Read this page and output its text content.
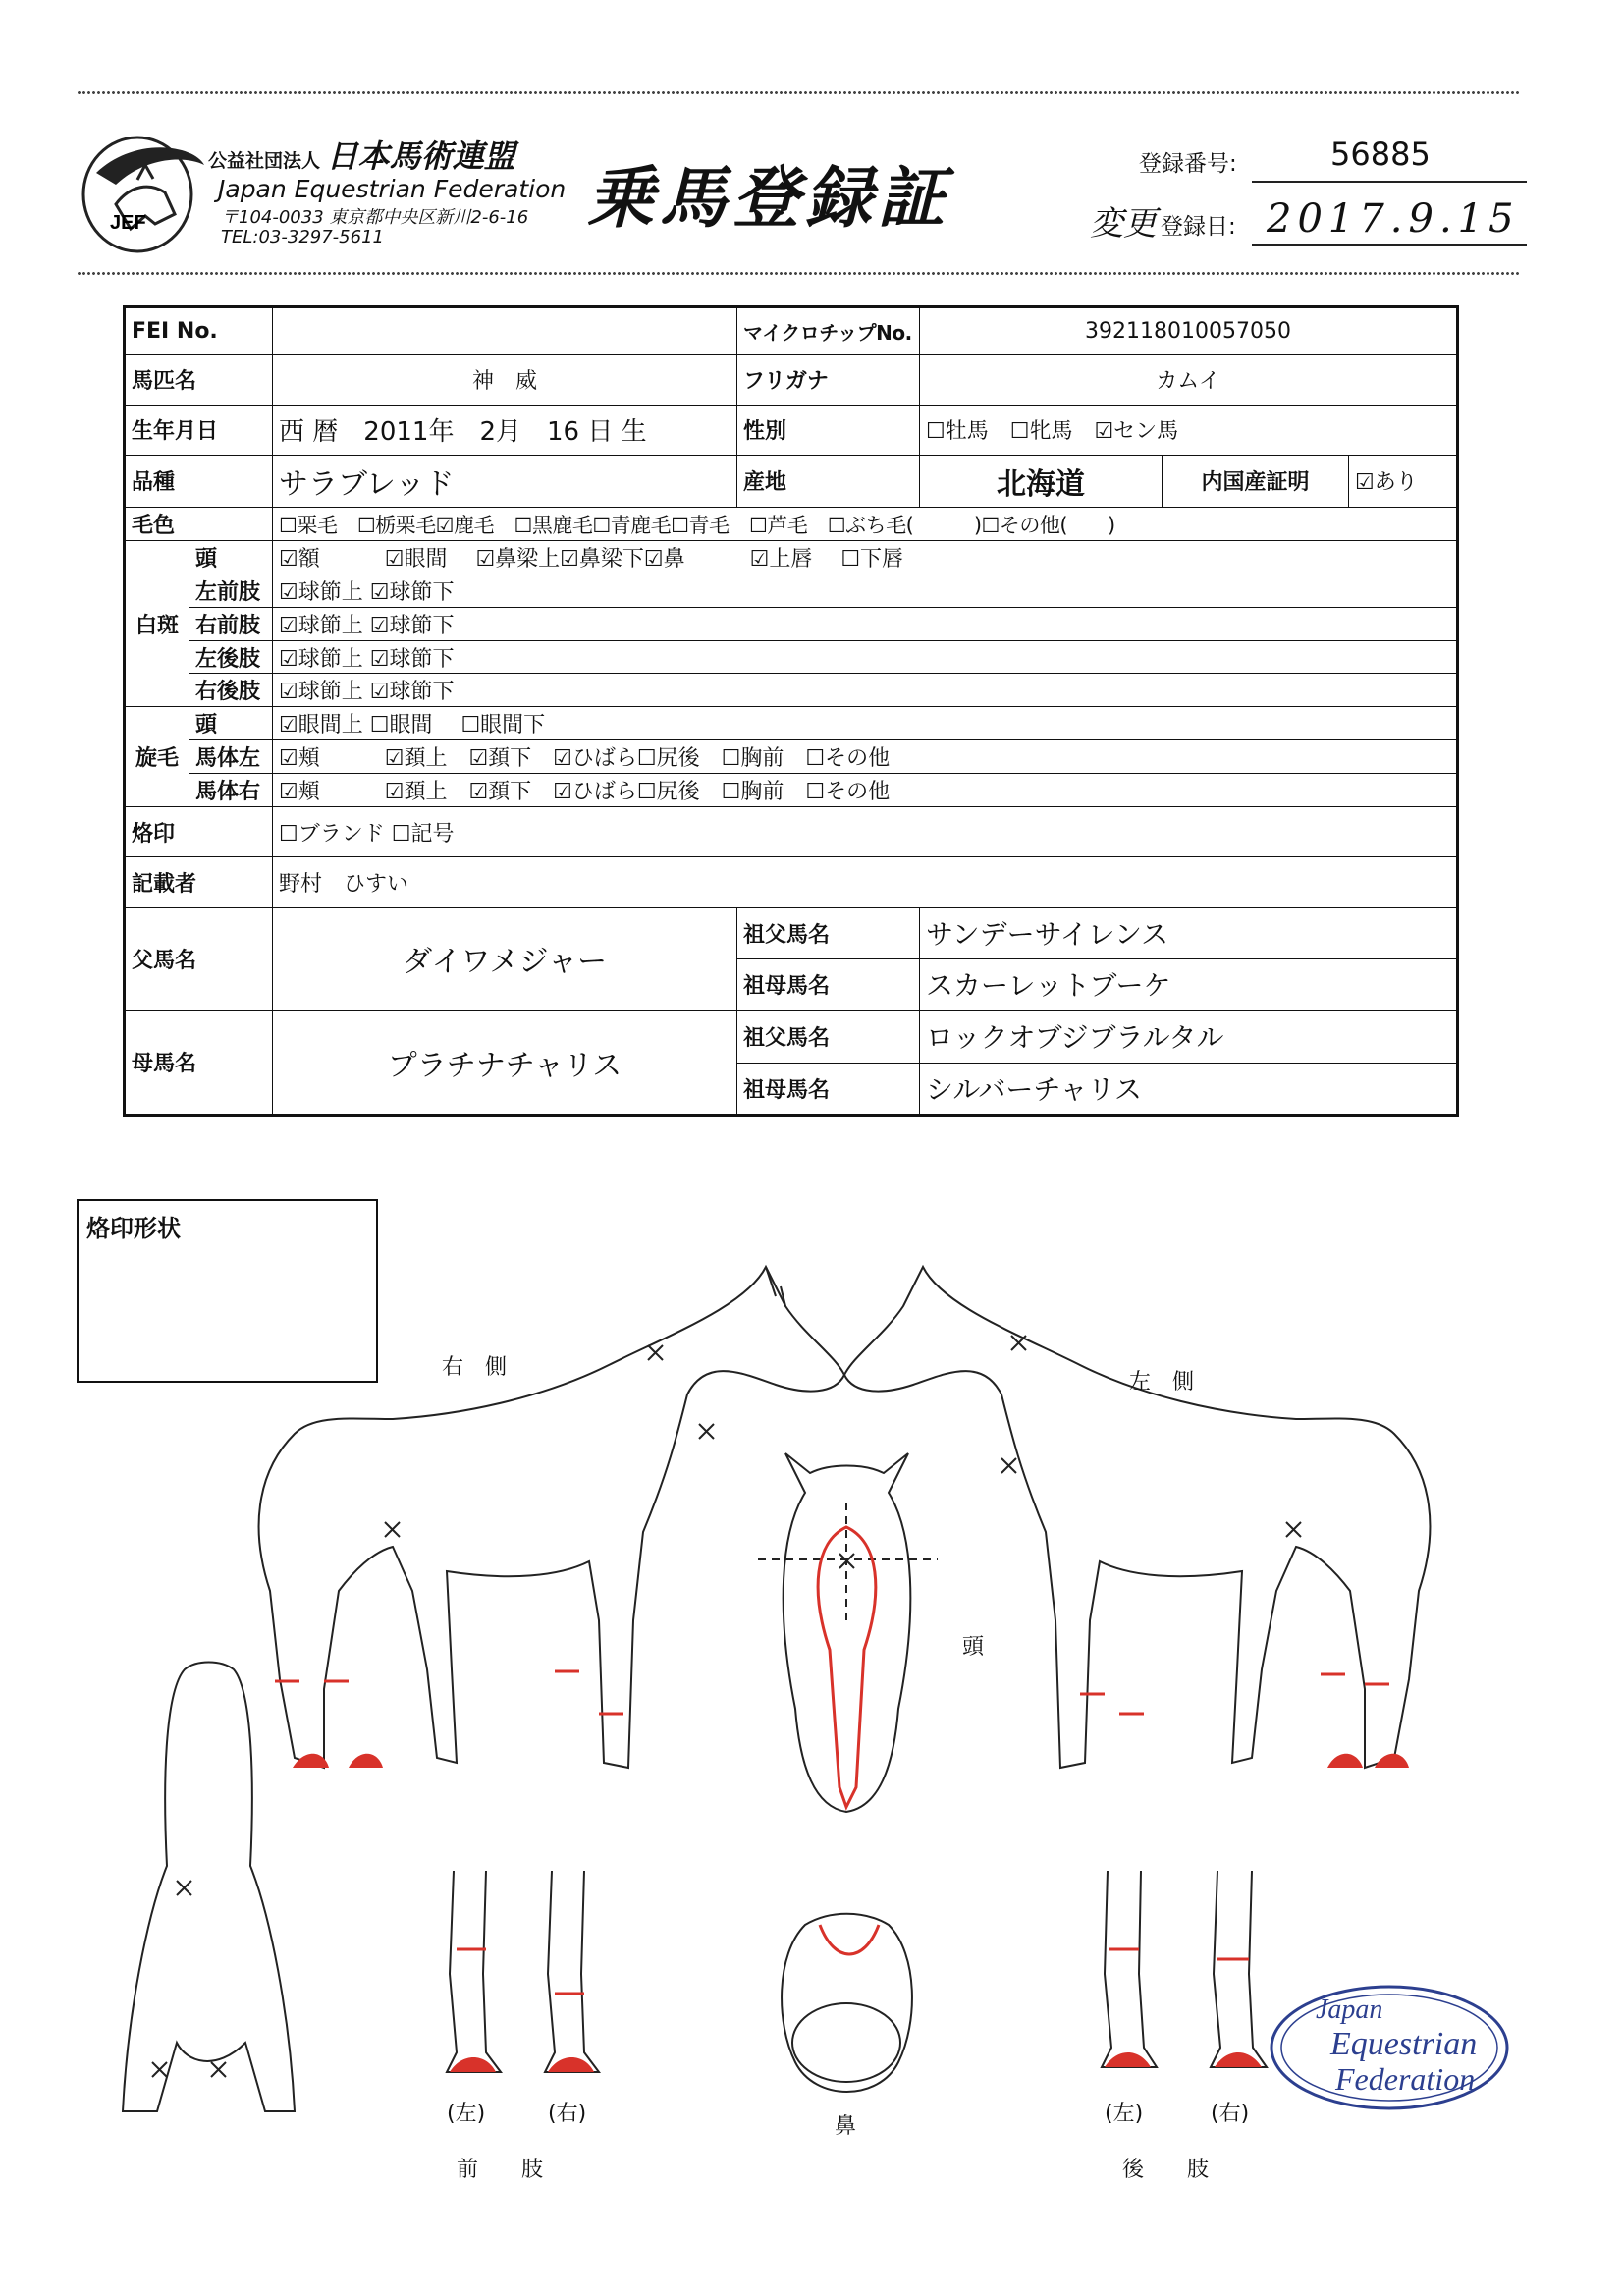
JEF
公益社団法人 日本馬術連盟
Japan Equestrian Federation
〒104-0033 東京都中央区新川2-6-16
TEL:03-3297-5611	乗馬登録証	登録番号:	56885
変更 登録日: 2017.9.15
FEI No.			マイクロチップNo.	392118010057050		
馬匹名		神　威	フリガナ	カムイ		
生年月日		西 暦　2011年　2月　16 日 生	性別	☐牡馬　☐牝馬　☑セン馬		
品種		サラブレッド	産地	北海道	内国産証明	☑あり
毛色		☐栗毛　☐栃栗毛☑鹿毛　☐黒鹿毛☐青鹿毛☐青毛　☐芦毛　☐ぶち毛(　　　)☐その他(　　)				
白斑	頭	☑額　　　☑眼間　 ☑鼻梁上☑鼻梁下☑鼻　　　☑上唇　 ☐下唇				
	左前肢	☑球節上 ☑球節下				
	右前肢	☑球節上 ☑球節下				
	左後肢	☑球節上 ☑球節下				
	右後肢	☑球節上 ☑球節下				
旋毛	頭	☑眼間上 ☐眼間　 ☐眼間下				
	馬体左	☑頬　　　☑頚上　☑頚下　☑ひばら☐尻後　☐胸前　☐その他				
	馬体右	☑頬　　　☑頚上　☑頚下　☑ひばら☐尻後　☐胸前　☐その他				
烙印		☐ブランド ☐記号				
記載者		野村　ひすい				
父馬名		ダイワメジャー	祖父馬名	サンデーサイレンス		
			祖母馬名	スカーレットブーケ		
母馬名		プラチナチャリス	祖父馬名	ロックオブジブラルタル		
			祖母馬名	シルバーチャリス		
烙印形状
Japan
Equestrian
Federation
右　側
左　側
頭
鼻
(左)	(右)
前　　肢
(左)	(右)
後　　肢
